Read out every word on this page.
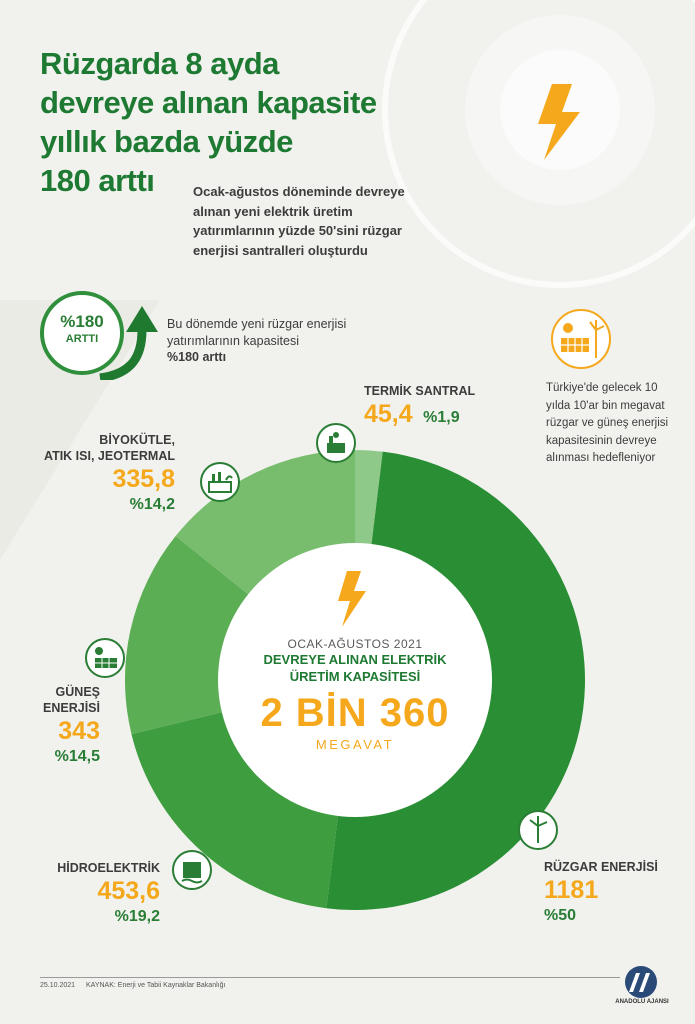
Rüzgarda 8 ayda
devreye alınan kapasite
yıllık bazda yüzde
180 arttı	Ocak-ağustos döneminde devreye alınan yeni elektrik üretim yatırımlarının yüzde 50'sini rüzgar enerjisi santralleri oluşturdu
%180
ARTTI
Bu dönemde yeni rüzgar enerjisi yatırımlarının kapasitesi
%180 arttı
Türkiye'de gelecek 10 yılda 10'ar bin megavat rüzgar ve güneş enerjisi kapasitesinin devreye alınması hedefleniyor
OCAK-AĞUSTOS 2021
DEVREYE ALINAN ELEKTRİK
ÜRETİM KAPASİTESİ
2 BİN 360
MEGAVAT
TERMİK SANTRAL
45,4 %1,9
BİYOKÜTLE,
ATIK ISI, JEOTERMAL
335,8
%14,2
GÜNEŞ
ENERJİSİ
343
%14,5
HİDROELEKTRİK
453,6
%19,2
RÜZGAR ENERJİSİ
1181
%50
25.10.2021 KAYNAK: Enerji ve Tabii Kaynaklar Bakanlığı
ANADOLU AJANSI
